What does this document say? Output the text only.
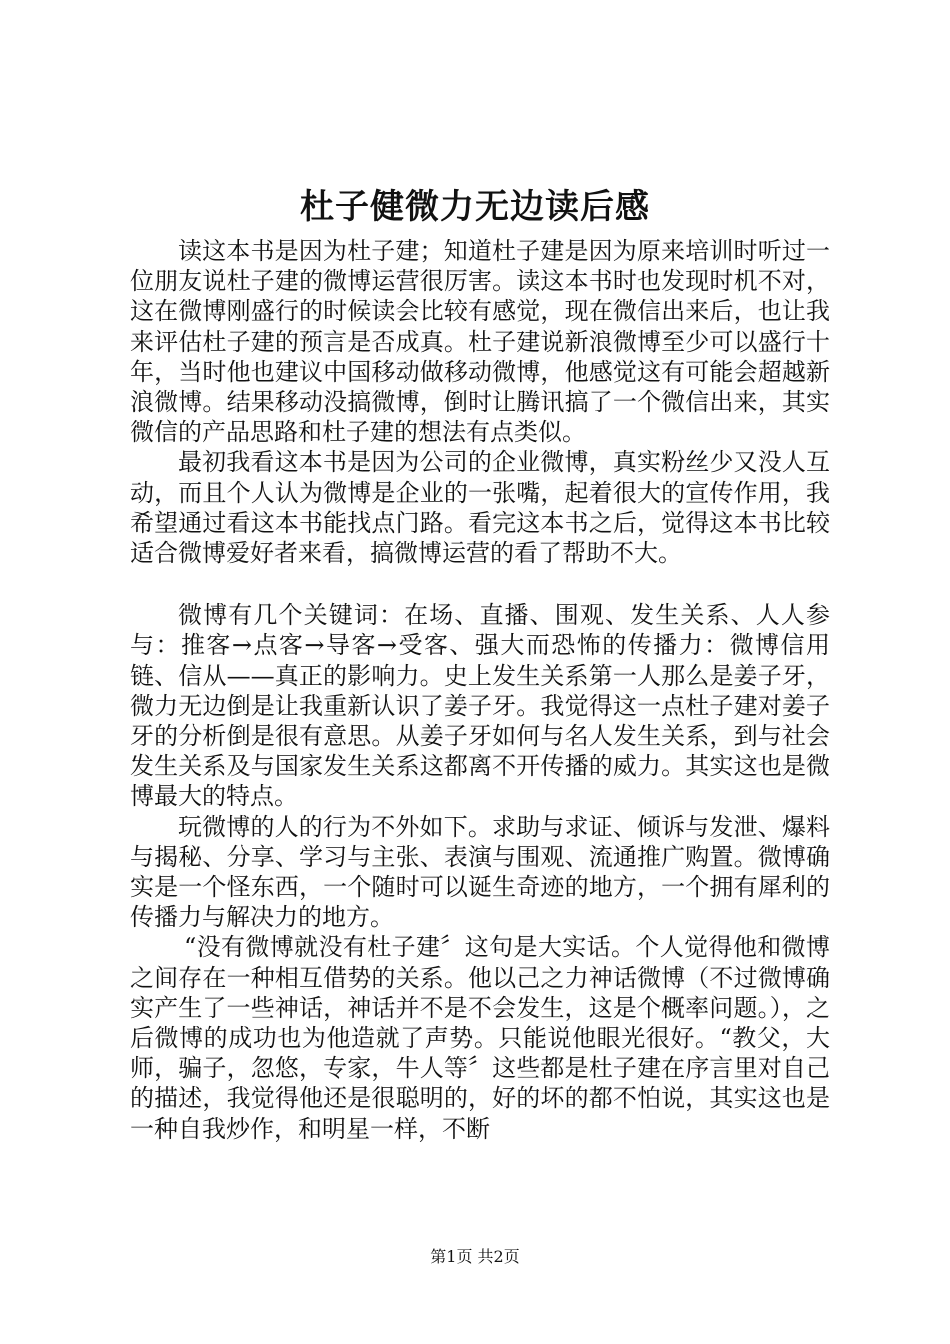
杜子健微力无边读后感

读这本书是因为杜子建；知道杜子建是因为原来培训时听过一位朋友说杜子建的微博运营很厉害。读这本书时也发现时机不对，这在微博刚盛行的时候读会比较有感觉，现在微信出来后，也让我来评估杜子建的预言是否成真。杜子建说新浪微博至少可以盛行十年，当时他也建议中国移动做移动微博，他感觉这有可能会超越新浪微博。结果移动没搞微博，倒时让腾讯搞了一个微信出来，其实微信的产品思路和杜子建的想法有点类似。

最初我看这本书是因为公司的企业微博，真实粉丝少又没人互动，而且个人认为微博是企业的一张嘴，起着很大的宣传作用，我希望通过看这本书能找点门路。看完这本书之后，觉得这本书比较适合微博爱好者来看，搞微博运营的看了帮助不大。

微博有几个关键词：在场、直播、围观、发生关系、人人参与：推客→点客→导客→受客、强大而恐怖的传播力：微博信用链、信从——真正的影响力。史上发生关系第一人那么是姜子牙，微力无边倒是让我重新认识了姜子牙。我觉得这一点杜子建对姜子牙的分析倒是很有意思。从姜子牙如何与名人发生关系，到与社会发生关系及与国家发生关系这都离不开传播的威力。其实这也是微博最大的特点。

玩微博的人的行为不外如下。求助与求证、倾诉与发泄、爆料与揭秘、分享、学习与主张、表演与围观、流通推广购置。微博确实是一个怪东西，一个随时可以诞生奇迹的地方，一个拥有犀利的传播力与解决力的地方。

“没有微博就没有杜子建〞这句是大实话。个人觉得他和微博之间存在一种相互借势的关系。他以己之力神话微博（不过微博确实产生了一些神话，神话并不是不会发生，这是个概率问题。），之后微博的成功也为他造就了声势。只能说他眼光很好。“教父，大师，骗子，忽悠，专家，牛人等〞这些都是杜子建在序言里对自己的描述，我觉得他还是很聪明的，好的坏的都不怕说，其实这也是一种自我炒作，和明星一样，不断

第1页 共2页
